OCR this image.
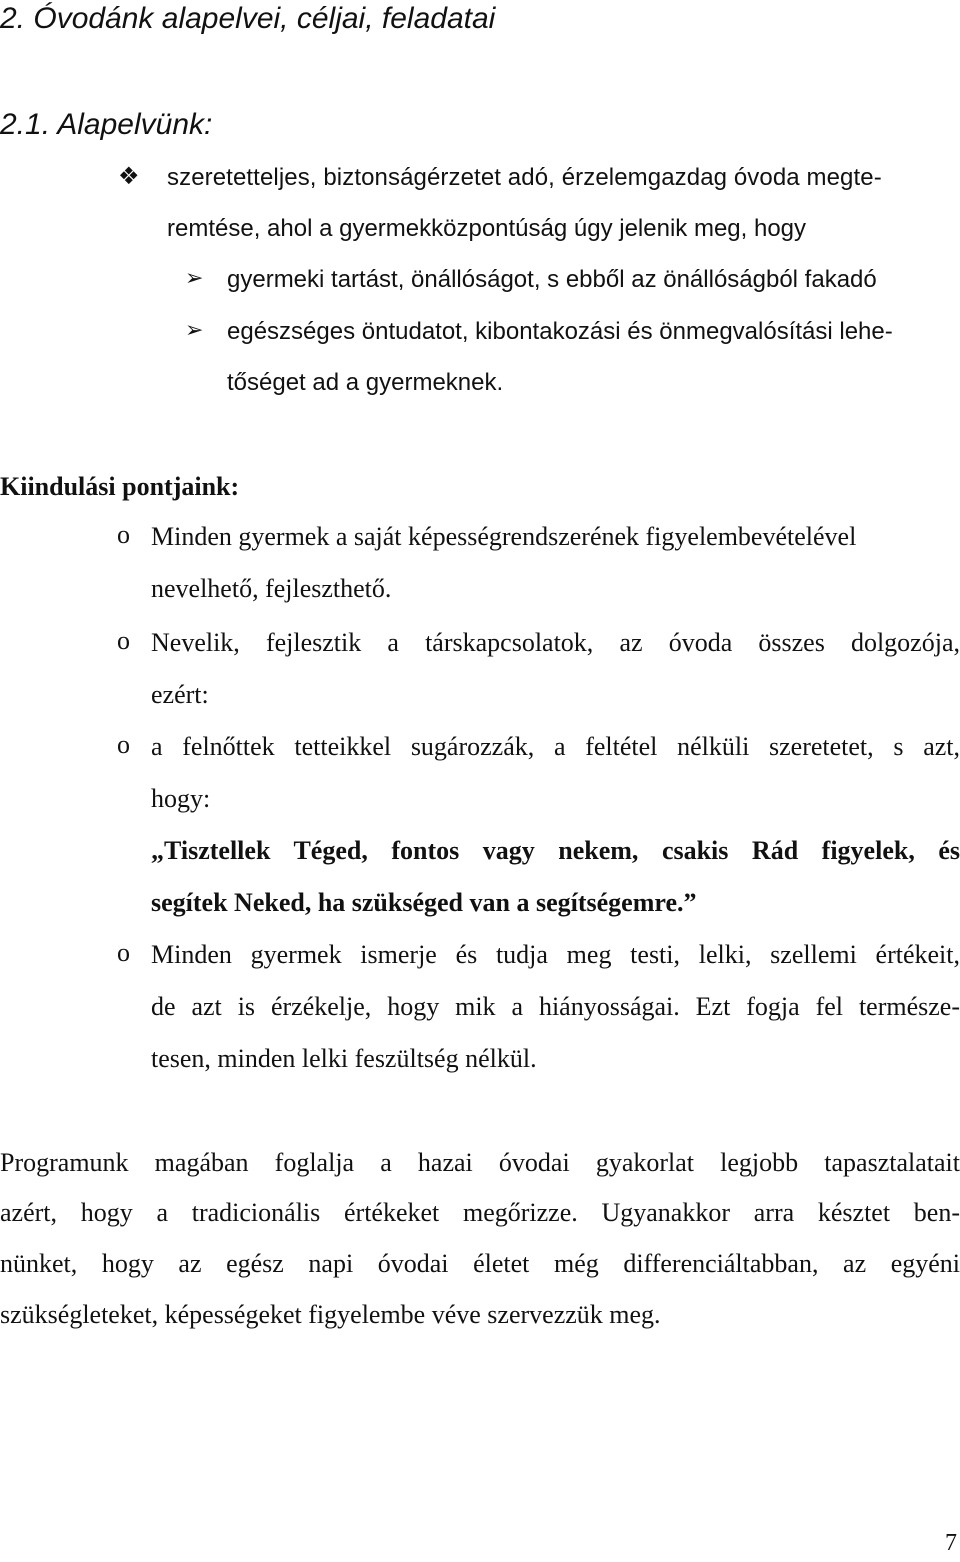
2. Óvodánk alapelvei, céljai, feladatai
2.1. Alapelvünk:
❖ szeretetteljes, biztonságérzetet adó, érzelemgazdag óvoda megte-
remtése, ahol a gyermekközpontúság úgy jelenik meg, hogy
➢ gyermeki tartást, önállóságot, s ebből az önállóságból fakadó
➢ egészséges öntudatot, kibontakozási és önmegvalósítási lehe-
tőséget ad a gyermeknek.
Kiindulási pontjaink:
o Minden gyermek a saját képességrendszerének figyelembevételével
nevelhető, fejleszthető.
o Nevelik, fejlesztik a társkapcsolatok, az óvoda összes dolgozója,
ezért:
o a felnőttek tetteikkel sugározzák, a feltétel nélküli szeretetet, s azt,
hogy:
„Tisztellek Téged, fontos vagy nekem, csakis Rád figyelek, és
segítek Neked, ha szükséged van a segítségemre.”
o Minden gyermek ismerje és tudja meg testi, lelki, szellemi értékeit,
de azt is érzékelje, hogy mik a hiányosságai. Ezt fogja fel természe-
tesen, minden lelki feszültség nélkül.
Programunk magában foglalja a hazai óvodai gyakorlat legjobb tapasztalatait
azért, hogy a tradicionális értékeket megőrizze. Ugyanakkor arra késztet ben-
nünket, hogy az egész napi óvodai életet még differenciáltabban, az egyéni
szükségleteket, képességeket figyelembe véve szervezzük meg.
7
